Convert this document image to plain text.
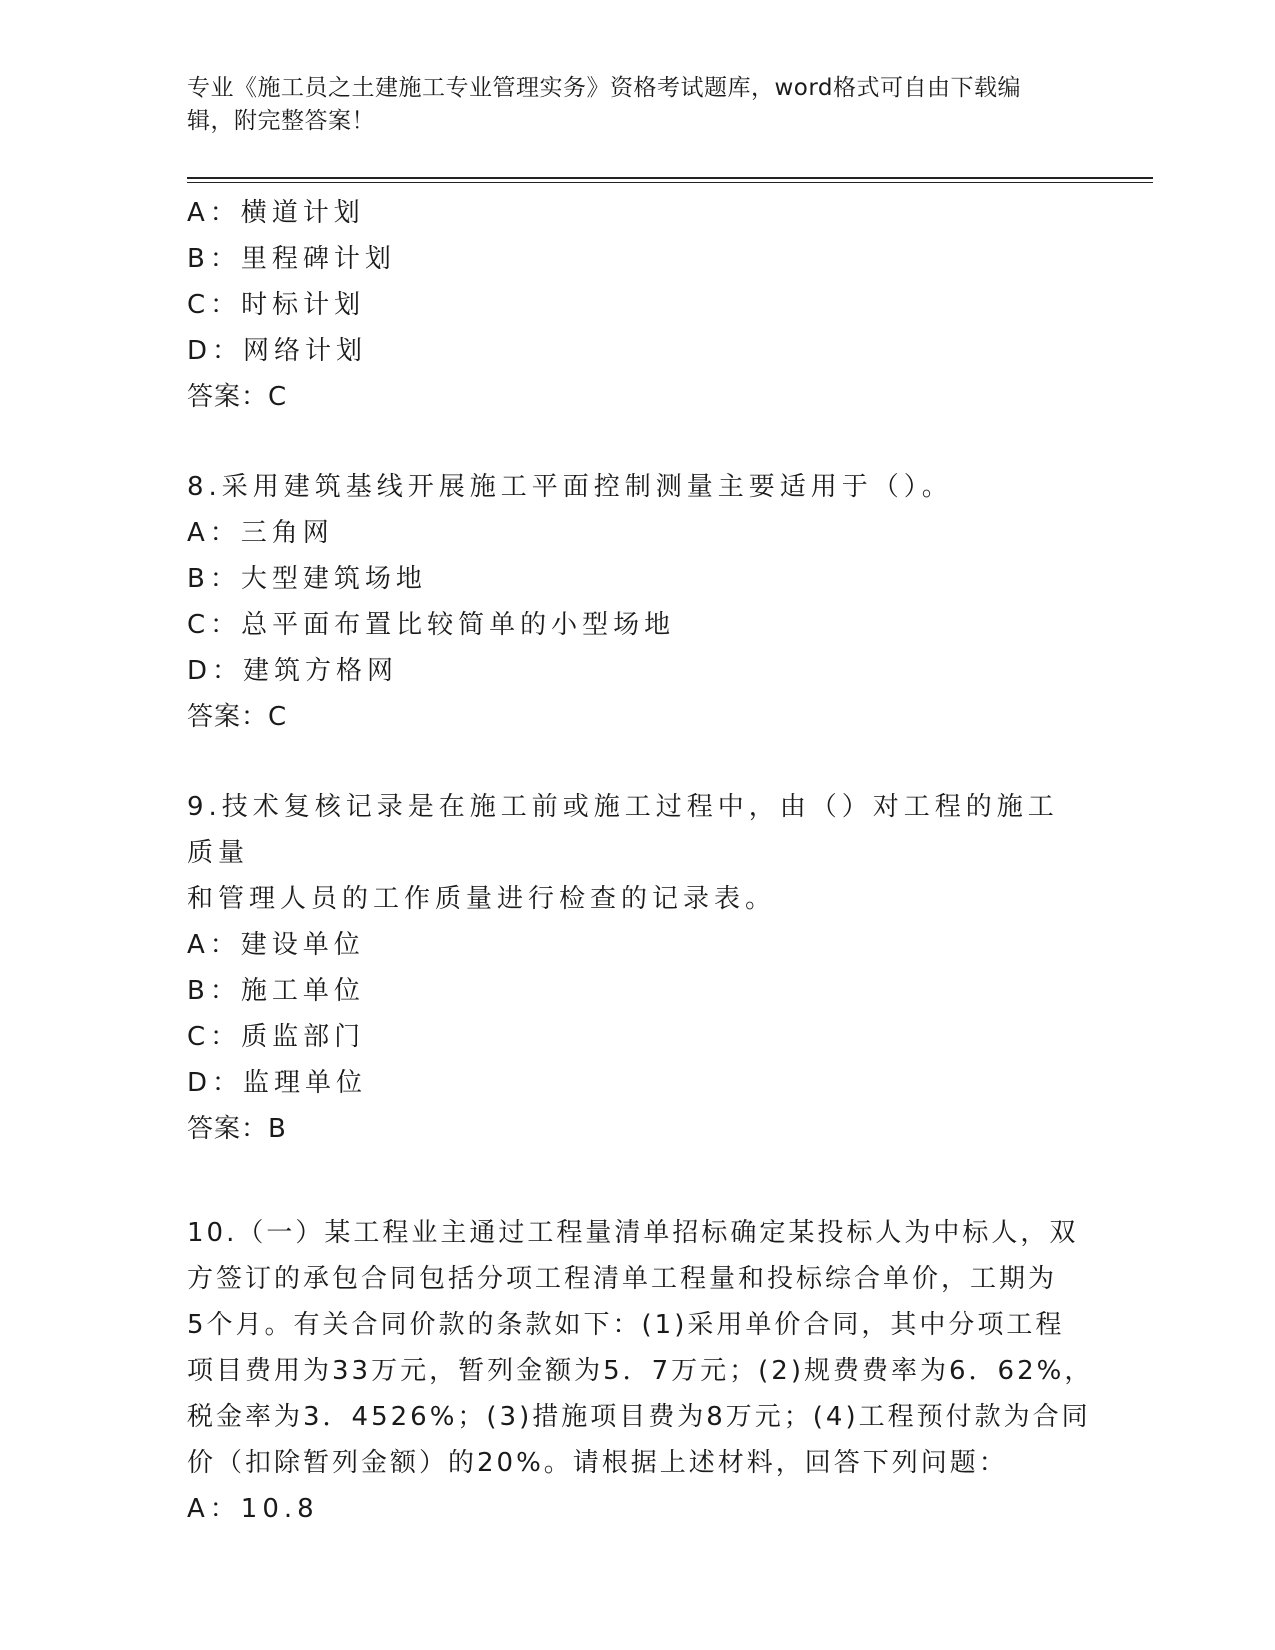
专业《施工员之土建施工专业管理实务》资格考试题库，word格式可自由下载编辑，附完整答案！
A：横道计划
B：里程碑计划
C：时标计划
D：网络计划
答案：C
8.采用建筑基线开展施工平面控制测量主要适用于（）。
A：三角网
B：大型建筑场地
C：总平面布置比较简单的小型场地
D：建筑方格网
答案：C
9.技术复核记录是在施工前或施工过程中，由（）对工程的施工质量
和管理人员的工作质量进行检查的记录表。
A：建设单位
B：施工单位
C：质监部门
D：监理单位
答案：B
10.（一）某工程业主通过工程量清单招标确定某投标人为中标人，双
方签订的承包合同包括分项工程清单工程量和投标综合单价，工期为
5个月。有关合同价款的条款如下：(1)采用单价合同，其中分项工程
项目费用为33万元，暂列金额为5．7万元；(2)规费费率为6．62%，
税金率为3．4526%；(3)措施项目费为8万元；(4)工程预付款为合同
价（扣除暂列金额）的20%。请根据上述材料，回答下列问题：
A：10.8
